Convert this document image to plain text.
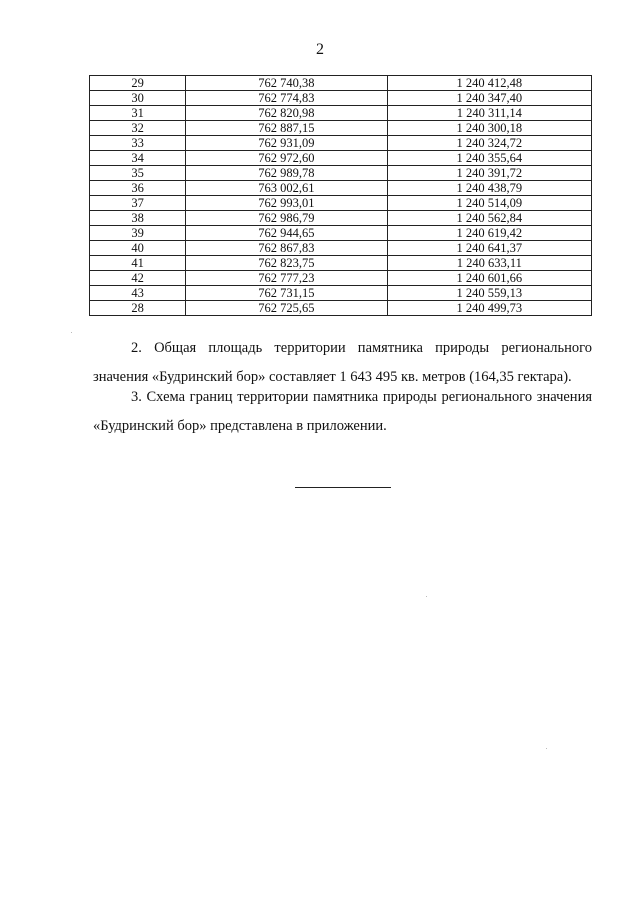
2
29	762 740,38	1 240 412,48
30	762 774,83	1 240 347,40
31	762 820,98	1 240 311,14
32	762 887,15	1 240 300,18
33	762 931,09	1 240 324,72
34	762 972,60	1 240 355,64
35	762 989,78	1 240 391,72
36	763 002,61	1 240 438,79
37	762 993,01	1 240 514,09
38	762 986,79	1 240 562,84
39	762 944,65	1 240 619,42
40	762 867,83	1 240 641,37
41	762 823,75	1 240 633,11
42	762 777,23	1 240 601,66
43	762 731,15	1 240 559,13
28	762 725,65	1 240 499,73

2. Общая площадь территории памятника природы регионального значения «Будринский бор» составляет 1 643 495 кв. метров (164,35 гектара).

3. Схема границ территории памятника природы регионального значения «Будринский бор» представлена в приложении.
